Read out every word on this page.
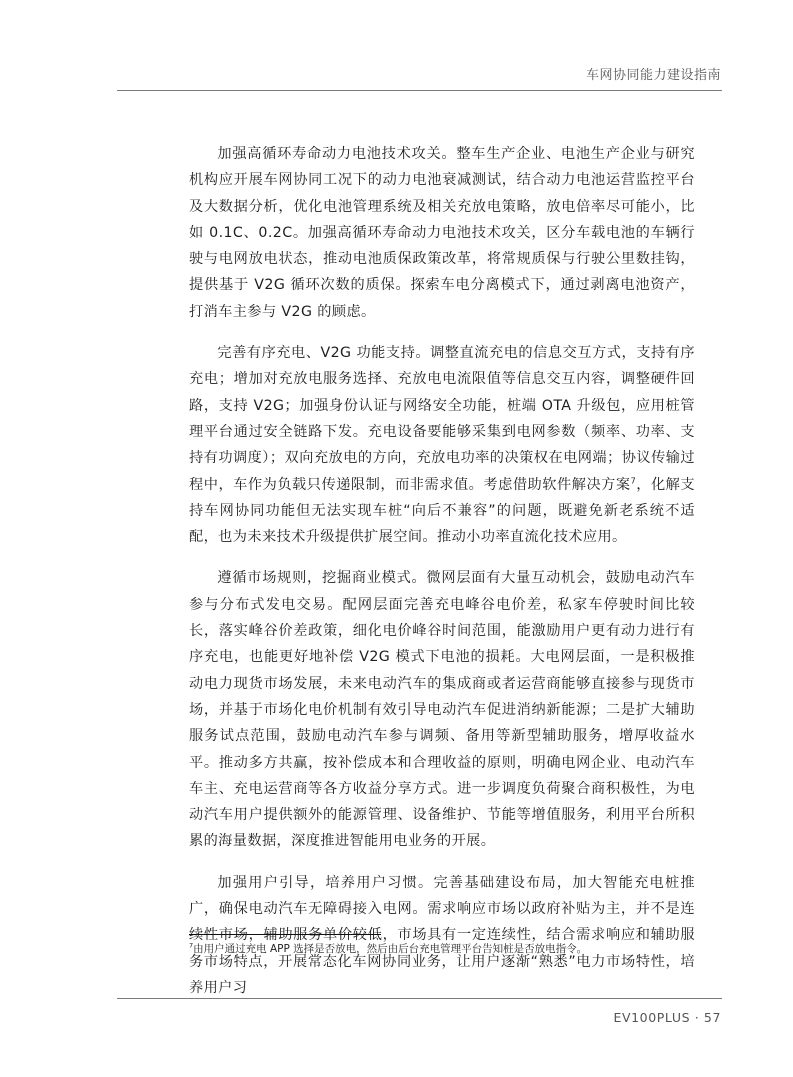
车网协同能力建设指南

加强高循环寿命动力电池技术攻关。整车生产企业、电池生产企业与研究机构应开展车网协同工况下的动力电池衰减测试，结合动力电池运营监控平台及大数据分析，优化电池管理系统及相关充放电策略，放电倍率尽可能小，比如 0.1C、0.2C。加强高循环寿命动力电池技术攻关，区分车载电池的车辆行驶与电网放电状态，推动电池质保政策改革，将常规质保与行驶公里数挂钩，提供基于 V2G 循环次数的质保。探索车电分离模式下，通过剥离电池资产，打消车主参与 V2G 的顾虑。

完善有序充电、V2G 功能支持。调整直流充电的信息交互方式，支持有序充电；增加对充放电服务选择、充放电电流限值等信息交互内容，调整硬件回路，支持 V2G；加强身份认证与网络安全功能，桩端 OTA 升级包，应用桩管理平台通过安全链路下发。充电设备要能够采集到电网参数（频率、功率、支持有功调度）；双向充放电的方向，充放电功率的决策权在电网端；协议传输过程中，车作为负载只传递限制，而非需求值。考虑借助软件解决方案$^7$，化解支持车网协同功能但无法实现车桩“向后不兼容”的问题，既避免新老系统不适配，也为未来技术升级提供扩展空间。推动小功率直流化技术应用。

遵循市场规则，挖掘商业模式。微网层面有大量互动机会，鼓励电动汽车参与分布式发电交易。配网层面完善充电峰谷电价差，私家车停驶时间比较长，落实峰谷价差政策，细化电价峰谷时间范围，能激励用户更有动力进行有序充电，也能更好地补偿 V2G 模式下电池的损耗。大电网层面，一是积极推动电力现货市场发展，未来电动汽车的集成商或者运营商能够直接参与现货市场，并基于市场化电价机制有效引导电动汽车促进消纳新能源；二是扩大辅助服务试点范围，鼓励电动汽车参与调频、备用等新型辅助服务，增厚收益水平。推动多方共赢，按补偿成本和合理收益的原则，明确电网企业、电动汽车车主、充电运营商等各方收益分享方式。进一步调度负荷聚合商积极性，为电动汽车用户提供额外的能源管理、设备维护、节能等增值服务，利用平台所积累的海量数据，深度推进智能用电业务的开展。

加强用户引导，培养用户习惯。完善基础建设布局，加大智能充电桩推广，确保电动汽车无障碍接入电网。需求响应市场以政府补贴为主，并不是连续性市场，辅助服务单价较低，市场具有一定连续性，结合需求响应和辅助服务市场特点，开展常态化车网协同业务，让用户逐渐“熟悉”电力市场特性，培养用户习

$^7$由用户通过充电 APP 选择是否放电，然后由后台充电管理平台告知桩是否放电指令。
EV100PLUS · 57
